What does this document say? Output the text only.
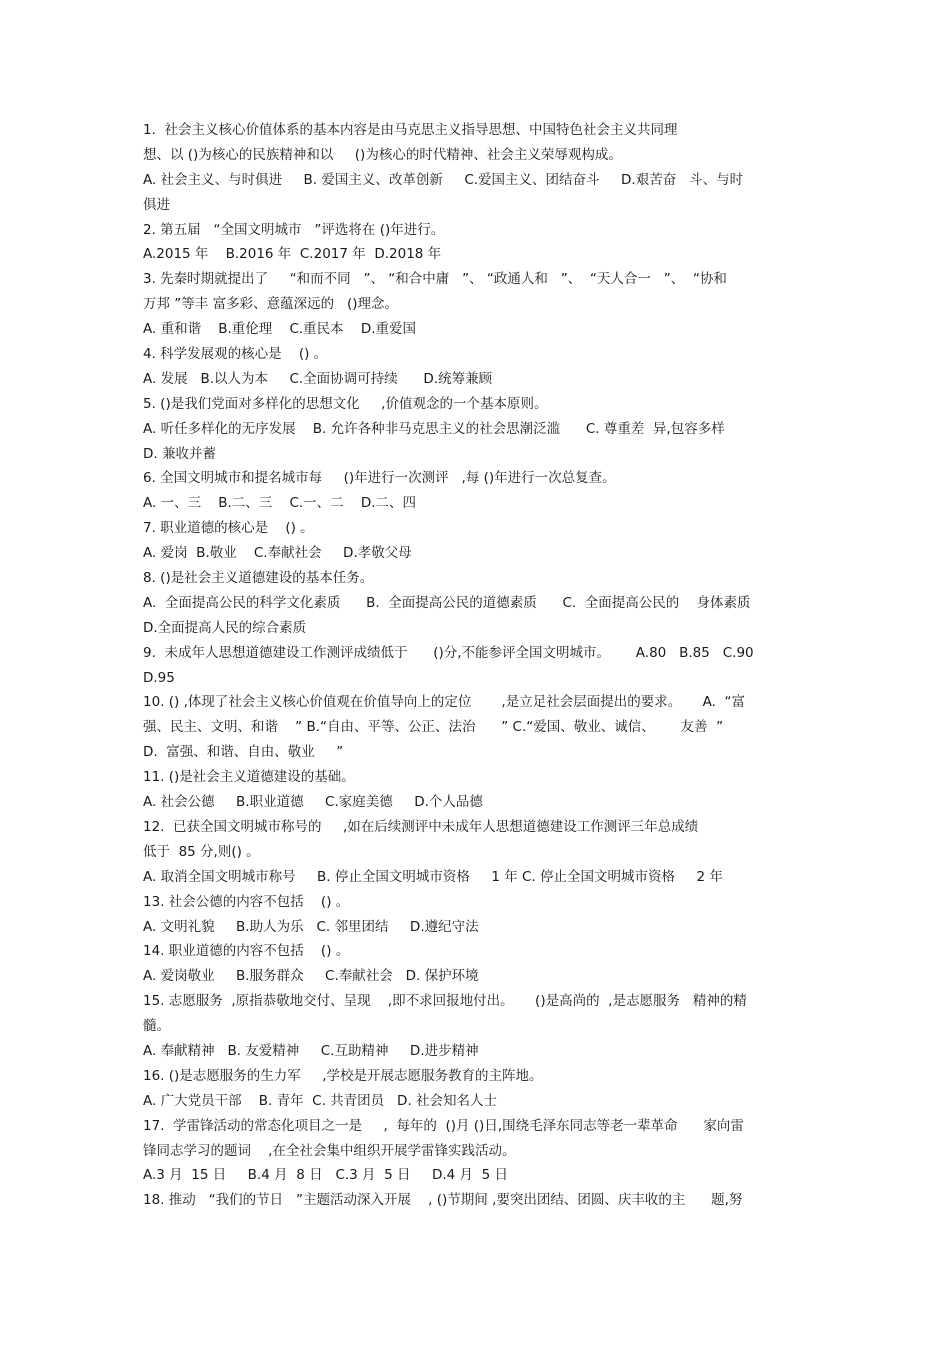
1.  社会主义核心价值体系的基本内容是由马克思主义指导思想、中国特色社会主义共同理
想、以 ()为核心的民族精神和以     ()为核心的时代精神、社会主义荣辱观构成。
A. 社会主义、与时俱进     B. 爱国主义、改革创新     C.爱国主义、团结奋斗     D.艰苦奋   斗、与时
俱进
2. 第五届   “全国文明城市   ”评选将在 ()年进行。
A.2015 年    B.2016 年  C.2017 年  D.2018 年
3. 先秦时期就提出了     “和而不同   ”、 “和合中庸   ”、 “政通人和   ”、  “天人合一   ”、  “协和
万邦 ”等丰 富多彩、意蕴深远的   ()理念。
A. 重和谐    B.重伦理    C.重民本    D.重爱国
4. 科学发展观的核心是    () 。
A. 发展   B.以人为本     C.全面协调可持续      D.统筹兼顾
5. ()是我们党面对多样化的思想文化     ,价值观念的一个基本原则。
A. 听任多样化的无序发展    B. 允许各种非马克思主义的社会思潮泛滥      C. 尊重差  异,包容多样
D. 兼收并蓄
6. 全国文明城市和提名城市每     ()年进行一次测评   ,每 ()年进行一次总复查。
A. 一、三    B.二、三    C.一、二    D.二、四
7. 职业道德的核心是    () 。
A. 爱岗  B.敬业    C.奉献社会     D.孝敬父母
8. ()是社会主义道德建设的基本任务。
A.  全面提高公民的科学文化素质      B.  全面提高公民的道德素质      C.  全面提高公民的    身体素质
D.全面提高人民的综合素质
9.  未成年人思想道德建设工作测评成绩低于      ()分,不能参评全国文明城市。      A.80   B.85   C.90
D.95
10. () ,体现了社会主义核心价值观在价值导向上的定位       ,是立足社会层面提出的要求。     A.  “富
强、民主、文明、和谐    ” B.“自由、平等、公正、法治      ” C.“爱国、敬业、诚信、      友善  ”
D.  富强、和谐、自由、敬业     ”
11. ()是社会主义道德建设的基础。
A. 社会公德     B.职业道德     C.家庭美德     D.个人品德
12.  已获全国文明城市称号的     ,如在后续测评中未成年人思想道德建设工作测评三年总成绩
低于  85 分,则() 。
A. 取消全国文明城市称号     B. 停止全国文明城市资格     1 年 C. 停止全国文明城市资格     2 年
13. 社会公德的内容不包括    () 。
A. 文明礼貌     B.助人为乐   C. 邻里团结     D.遵纪守法
14. 职业道德的内容不包括    () 。
A. 爱岗敬业     B.服务群众     C.奉献社会   D. 保护环境
15. 志愿服务  ,原指恭敬地交付、呈现    ,即不求回报地付出。     ()是高尚的  ,是志愿服务   精神的精
髓。
A. 奉献精神   B. 友爱精神     C.互助精神     D.进步精神
16. ()是志愿服务的生力军     ,学校是开展志愿服务教育的主阵地。
A. 广大党员干部    B. 青年  C. 共青团员   D. 社会知名人士
17.  学雷锋活动的常态化项目之一是     ,  每年的  ()月 ()日,围绕毛泽东同志等老一辈革命      家向雷
锋同志学习的题词    ,在全社会集中组织开展学雷锋实践活动。
A.3 月  15 日     B.4 月  8 日   C.3 月  5 日     D.4 月  5 日
18. 推动   “我们的节日   ”主题活动深入开展    , ()节期间 ,要突出团结、团圆、庆丰收的主      题,努
